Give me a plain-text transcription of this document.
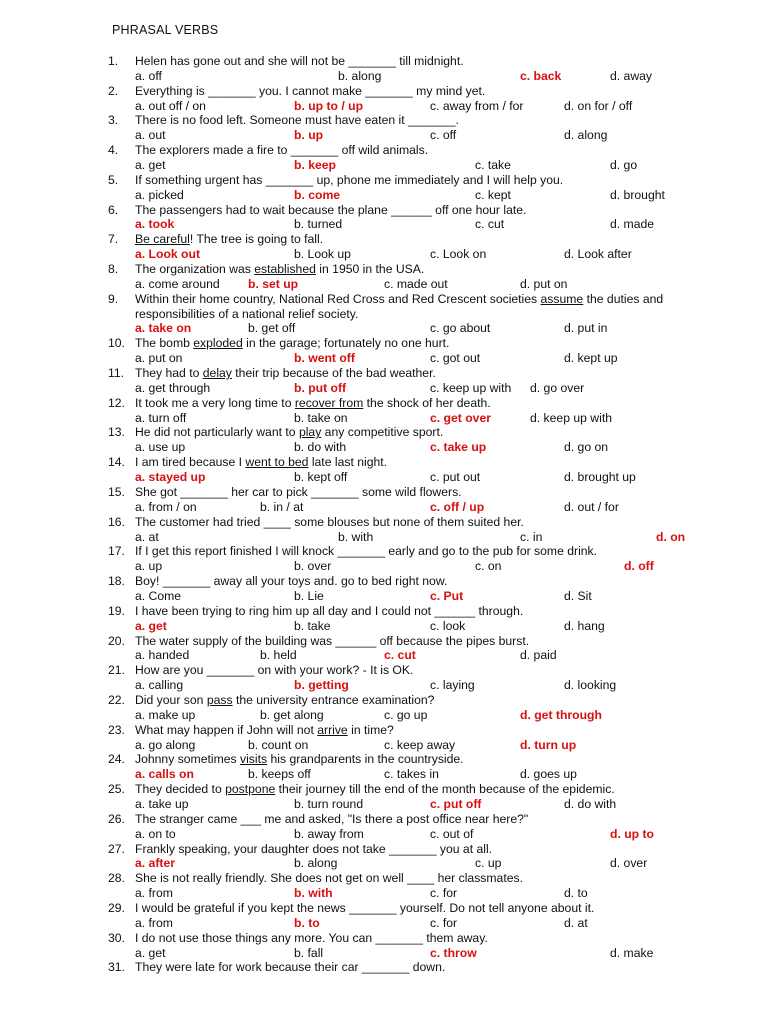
PHRASAL VERBS
1.	Helen has gone out and she will not be _______ till midnight.
a. off	b. along	c. back	d. away
2.	Everything is _______ you. I cannot make _______ my mind yet.
a. out off / on	b. up to / up	c. away from / for	d. on for / off
3.	There is no food left. Someone must have eaten it _______.
a. out	b. up	c. off	d. along
4.	The explorers made a fire to _______ off wild animals.
a. get	b. keep	c. take	d. go
5.	If something urgent has _______ up, phone me immediately and I will help you.
a. picked	b. come	c. kept	d. brought
6.	The passengers had to wait because the plane ______ off one hour late.
a. took	b. turned	c. cut	d. made
7.	Be careful! The tree is going to fall.
a. Look out	b. Look up	c. Look on	d. Look after
8.	The organization was established in 1950 in the USA.
a. come around b. set up	c. made out	d. put on
9.	Within their home country, National Red Cross and Red Crescent societies assume the duties and
responsibilities of a national relief society.
a. take on	b. get off	c. go about	d. put in
10. The bomb exploded in the garage; fortunately no one hurt.
a. put on	b. went off	c. got out	d. kept up
11. They had to delay their trip because of the bad weather.
a. get through	b. put off	c. keep up with d. go over
12. It took me a very long time to recover from the shock of her death.
a. turn off	b. take on	c. get over	d. keep up with
13. He did not particularly want to play any competitive sport.
a. use up	b. do with	c. take up	d. go on
14. I am tired because I went to bed late last night.
a. stayed up	b. kept off	c. put out	d. brought up
15. She got _______ her car to pick _______ some wild flowers.
a. from / on	b. in / at	c. off / up	d. out / for
16. The customer had tried ____ some blouses but none of them suited her.
a. at	b. with	c. in	d. on
17. If I get this report finished I will knock _______ early and go to the pub for some drink.
a. up	b. over	c. on	d. off
18. Boy! _______ away all your toys and. go to bed right now.
a. Come	b. Lie	c. Put	d. Sit
19. I have been trying to ring him up all day and I could not ______ through.
a. get	b. take	c. look	d. hang
20. The water supply of the building was ______ off because the pipes burst.
a. handed	b. held	c. cut	d. paid
21. How are you _______ on with your work? - It is OK.
a. calling	b. getting	c. laying	d. looking
22. Did your son pass the university entrance examination?
a. make up	b. get along	c. go up	d. get through
23. What may happen if John will not arrive in time?
a. go along	b. count on	c. keep away	d. turn up
24. Johnny sometimes visits his grandparents in the countryside.
a. calls on	b. keeps off	c. takes in	d. goes up
25. They decided to postpone their journey till the end of the month because of the epidemic.
a. take up	b. turn round	c. put off	d. do with
26. The stranger came ___ me and asked, "Is there a post office near here?"
a. on to	b. away from	c. out of	d. up to
27. Frankly speaking, your daughter does not take _______ you at all.
a. after	b. along	c. up	d. over
28. She is not really friendly. She does not get on well ____ her classmates.
a. from	b. with	c. for	d. to
29. I would be grateful if you kept the news _______ yourself. Do not tell anyone about it.
a. from	b. to	c. for	d. at
30. I do not use those things any more. You can _______ them away.
a. get	b. fall	c. throw	d. make
31. They were late for work because their car _______ down.
